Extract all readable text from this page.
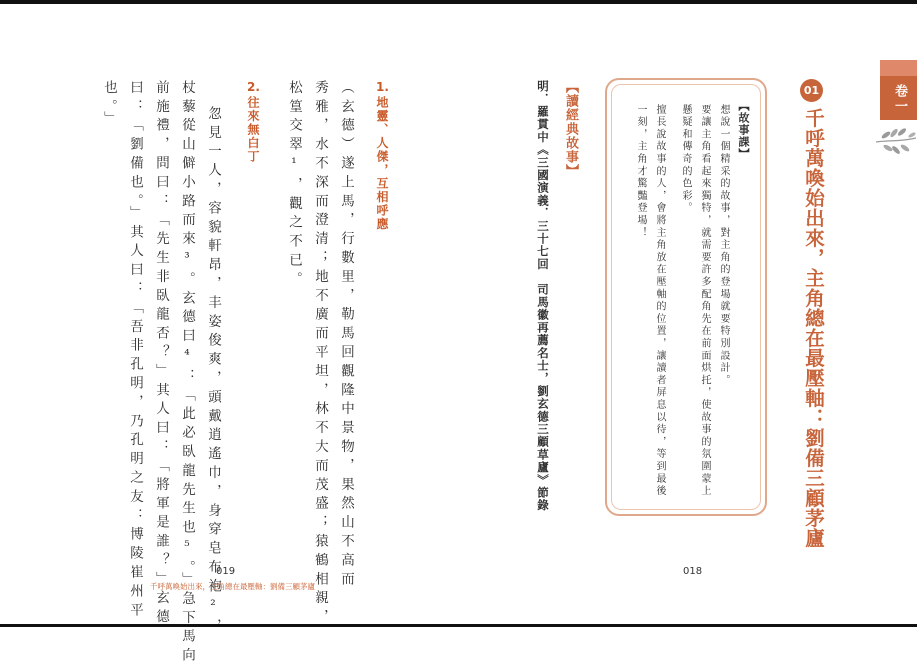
1.
地靈、人傑，互相呼應
（玄德）遂上馬，行數里，勒馬回觀隆中景物，果然山不高而
秀雅，水不深而澄清；地不廣而平坦，林不大而茂盛；猿鶴相親，
松篁交翠¹，觀之不已。
2.
往來無白丁
忽見一人，容貌軒昂，丰姿俊爽，頭戴逍遙巾，身穿皂布袍²，
杖藜從山僻小路而來³。玄德曰⁴：「此必臥龍先生也⁵。」急下馬向
前施禮，問曰：「先生非臥龍否？」其人曰：「將軍是誰？」玄德
曰：「劉備也。」其人曰：「吾非孔明，乃孔明之友：博陵崔州平
也。」
019
千呼萬喚始出來，主角總在最壓軸：劉備三顧茅廬
01
千呼萬喚始出來，主角總在最壓軸：劉備三顧茅廬
【故事課】
想說一個精采的故事，對主角的登場就要特別設計。
要讓主角看起來獨特，就需要許多配角先在前面烘托，使故事的氛圍蒙上
懸疑和傳奇的色彩。
擅長說故事的人，會將主角放在壓軸的位置，讓讀者屏息以待，等到最後
一刻，主角才驚豔登場！
【讀經典故事】
明．羅貫中《三國演義．三十七回　司馬徽再薦名士，劉玄德三顧草廬》節錄
018
卷一
